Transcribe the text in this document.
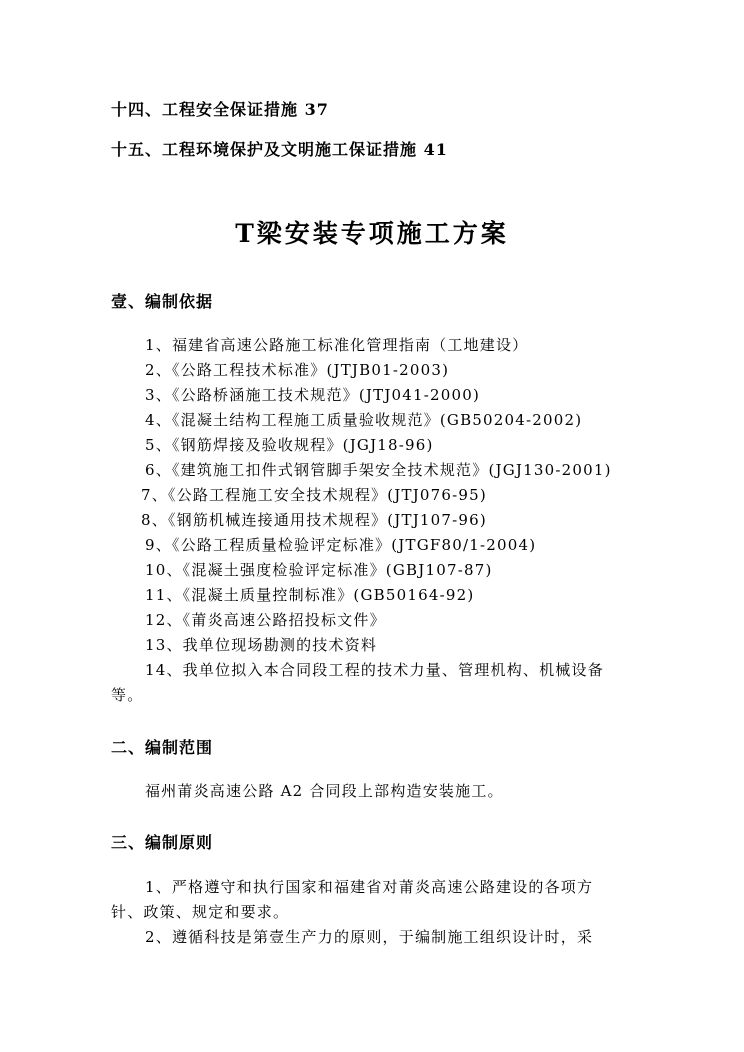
十四、工程安全保证措施 37
十五、工程环境保护及文明施工保证措施 41
T梁安装专项施工方案
壹、编制依据
1、福建省高速公路施工标准化管理指南（工地建设）
2、《公路工程技术标准》(JTJB01-2003)
3、《公路桥涵施工技术规范》(JTJ041-2000)
4、《混凝土结构工程施工质量验收规范》(GB50204-2002)
5、《钢筋焊接及验收规程》(JGJ18-96)
6、《建筑施工扣件式钢管脚手架安全技术规范》(JGJ130-2001)
7、《公路工程施工安全技术规程》(JTJ076-95)
8、《钢筋机械连接通用技术规程》(JTJ107-96)
9、《公路工程质量检验评定标准》(JTGF80/1-2004)
10、《混凝土强度检验评定标准》(GBJ107-87)
11、《混凝土质量控制标准》(GB50164-92)
12、《莆炎高速公路招投标文件》
13、我单位现场勘测的技术资料
14、我单位拟入本合同段工程的技术力量、管理机构、机械设备
等。
二、编制范围
福州莆炎高速公路 A2 合同段上部构造安装施工。
三、编制原则
1、严格遵守和执行国家和福建省对莆炎高速公路建设的各项方
针、政策、规定和要求。
2、遵循科技是第壹生产力的原则，于编制施工组织设计时，采
